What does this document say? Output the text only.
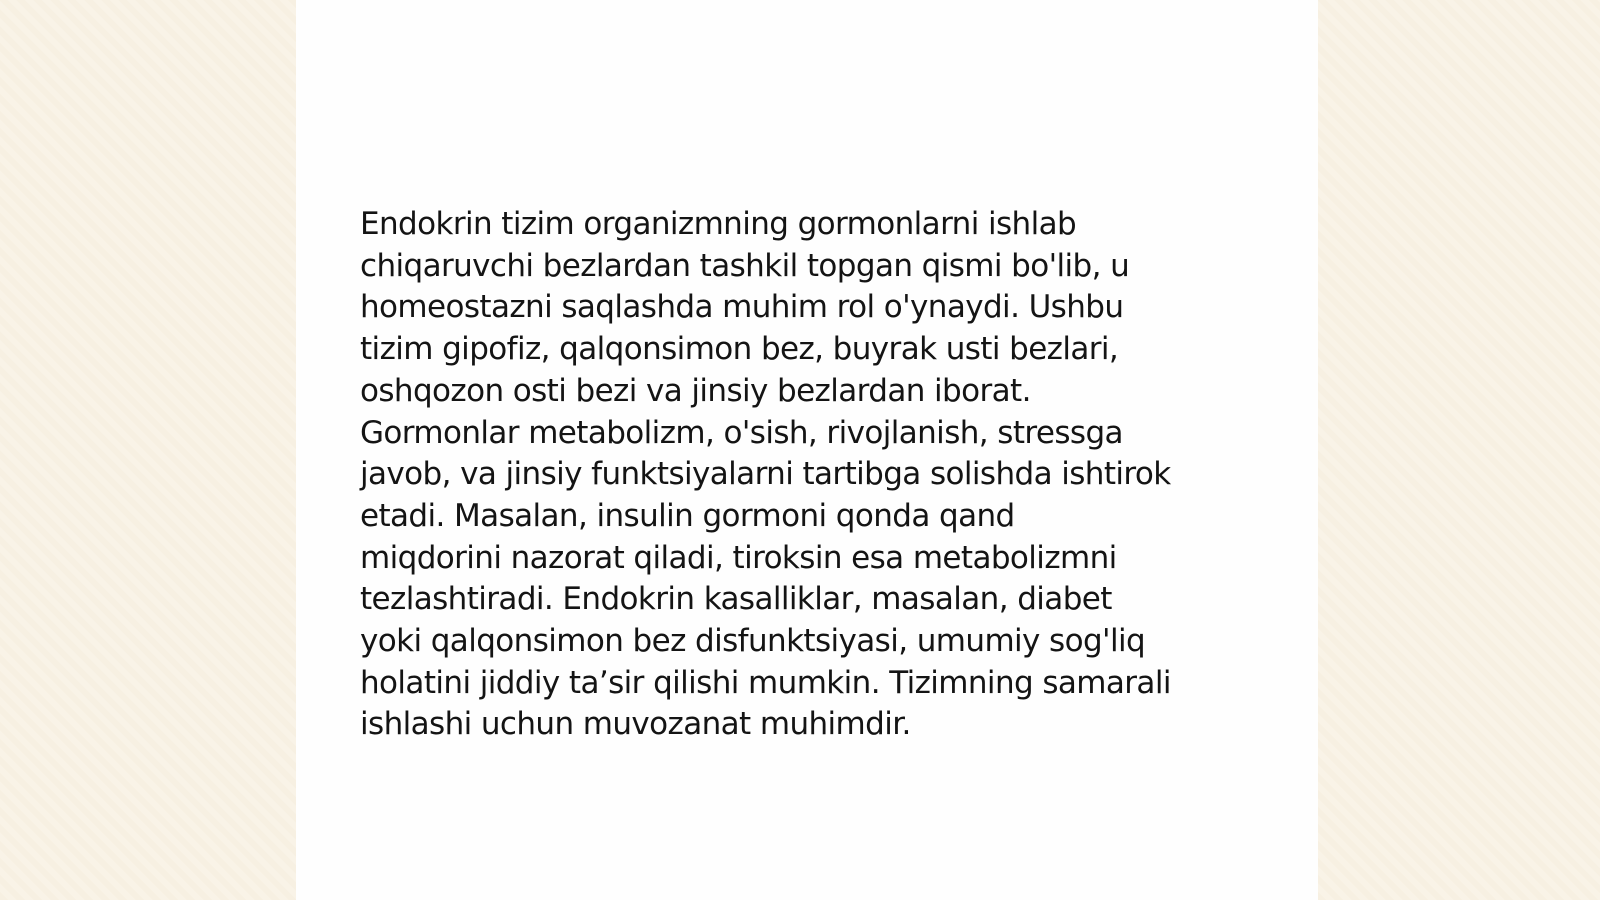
Endokrin tizim organizmning gormonlarni ishlab
chiqaruvchi bezlardan tashkil topgan qismi bo'lib, u
homeostazni saqlashda muhim rol o'ynaydi. Ushbu
tizim gipofiz, qalqonsimon bez, buyrak usti bezlari,
oshqozon osti bezi va jinsiy bezlardan iborat.
Gormonlar metabolizm, o'sish, rivojlanish, stressga
javob, va jinsiy funktsiyalarni tartibga solishda ishtirok
etadi. Masalan, insulin gormoni qonda qand
miqdorini nazorat qiladi, tiroksin esa metabolizmni
tezlashtiradi. Endokrin kasalliklar, masalan, diabet
yoki qalqonsimon bez disfunktsiyasi, umumiy sog'liq
holatini jiddiy ta’sir qilishi mumkin. Tizimning samarali
ishlashi uchun muvozanat muhimdir.
